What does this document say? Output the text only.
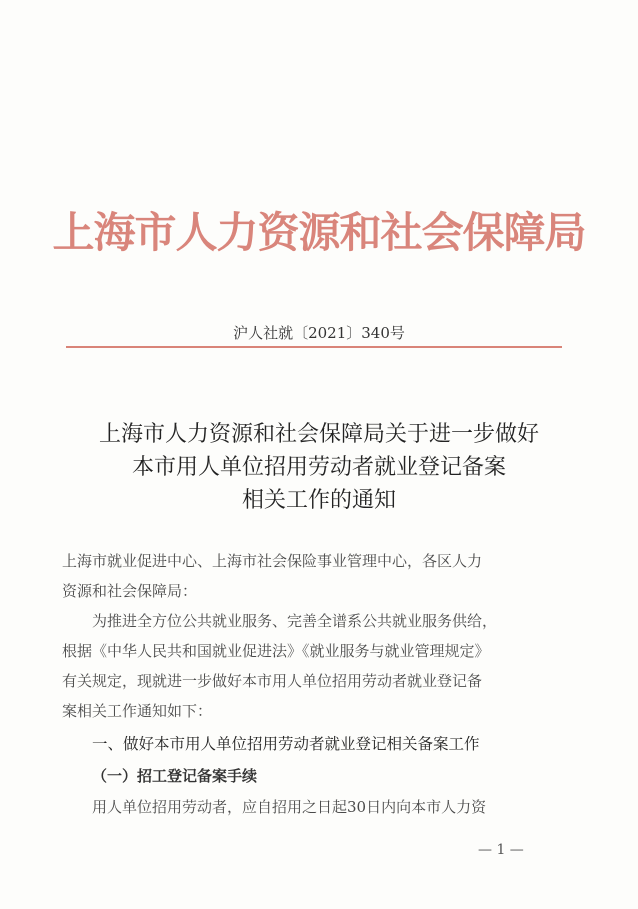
上海市人力资源和社会保障局
沪人社就〔2021〕340号
上海市人力资源和社会保障局关于进一步做好
本市用人单位招用劳动者就业登记备案
相关工作的通知
上海市就业促进中心、上海市社会保险事业管理中心，各区人力
资源和社会保障局：
为推进全方位公共就业服务、完善全谱系公共就业服务供给，
根据《中华人民共和国就业促进法》《就业服务与就业管理规定》
有关规定，现就进一步做好本市用人单位招用劳动者就业登记备
案相关工作通知如下：
一、做好本市用人单位招用劳动者就业登记相关备案工作
（一）招工登记备案手续
用人单位招用劳动者，应自招用之日起30日内向本市人力资
— 1 —
